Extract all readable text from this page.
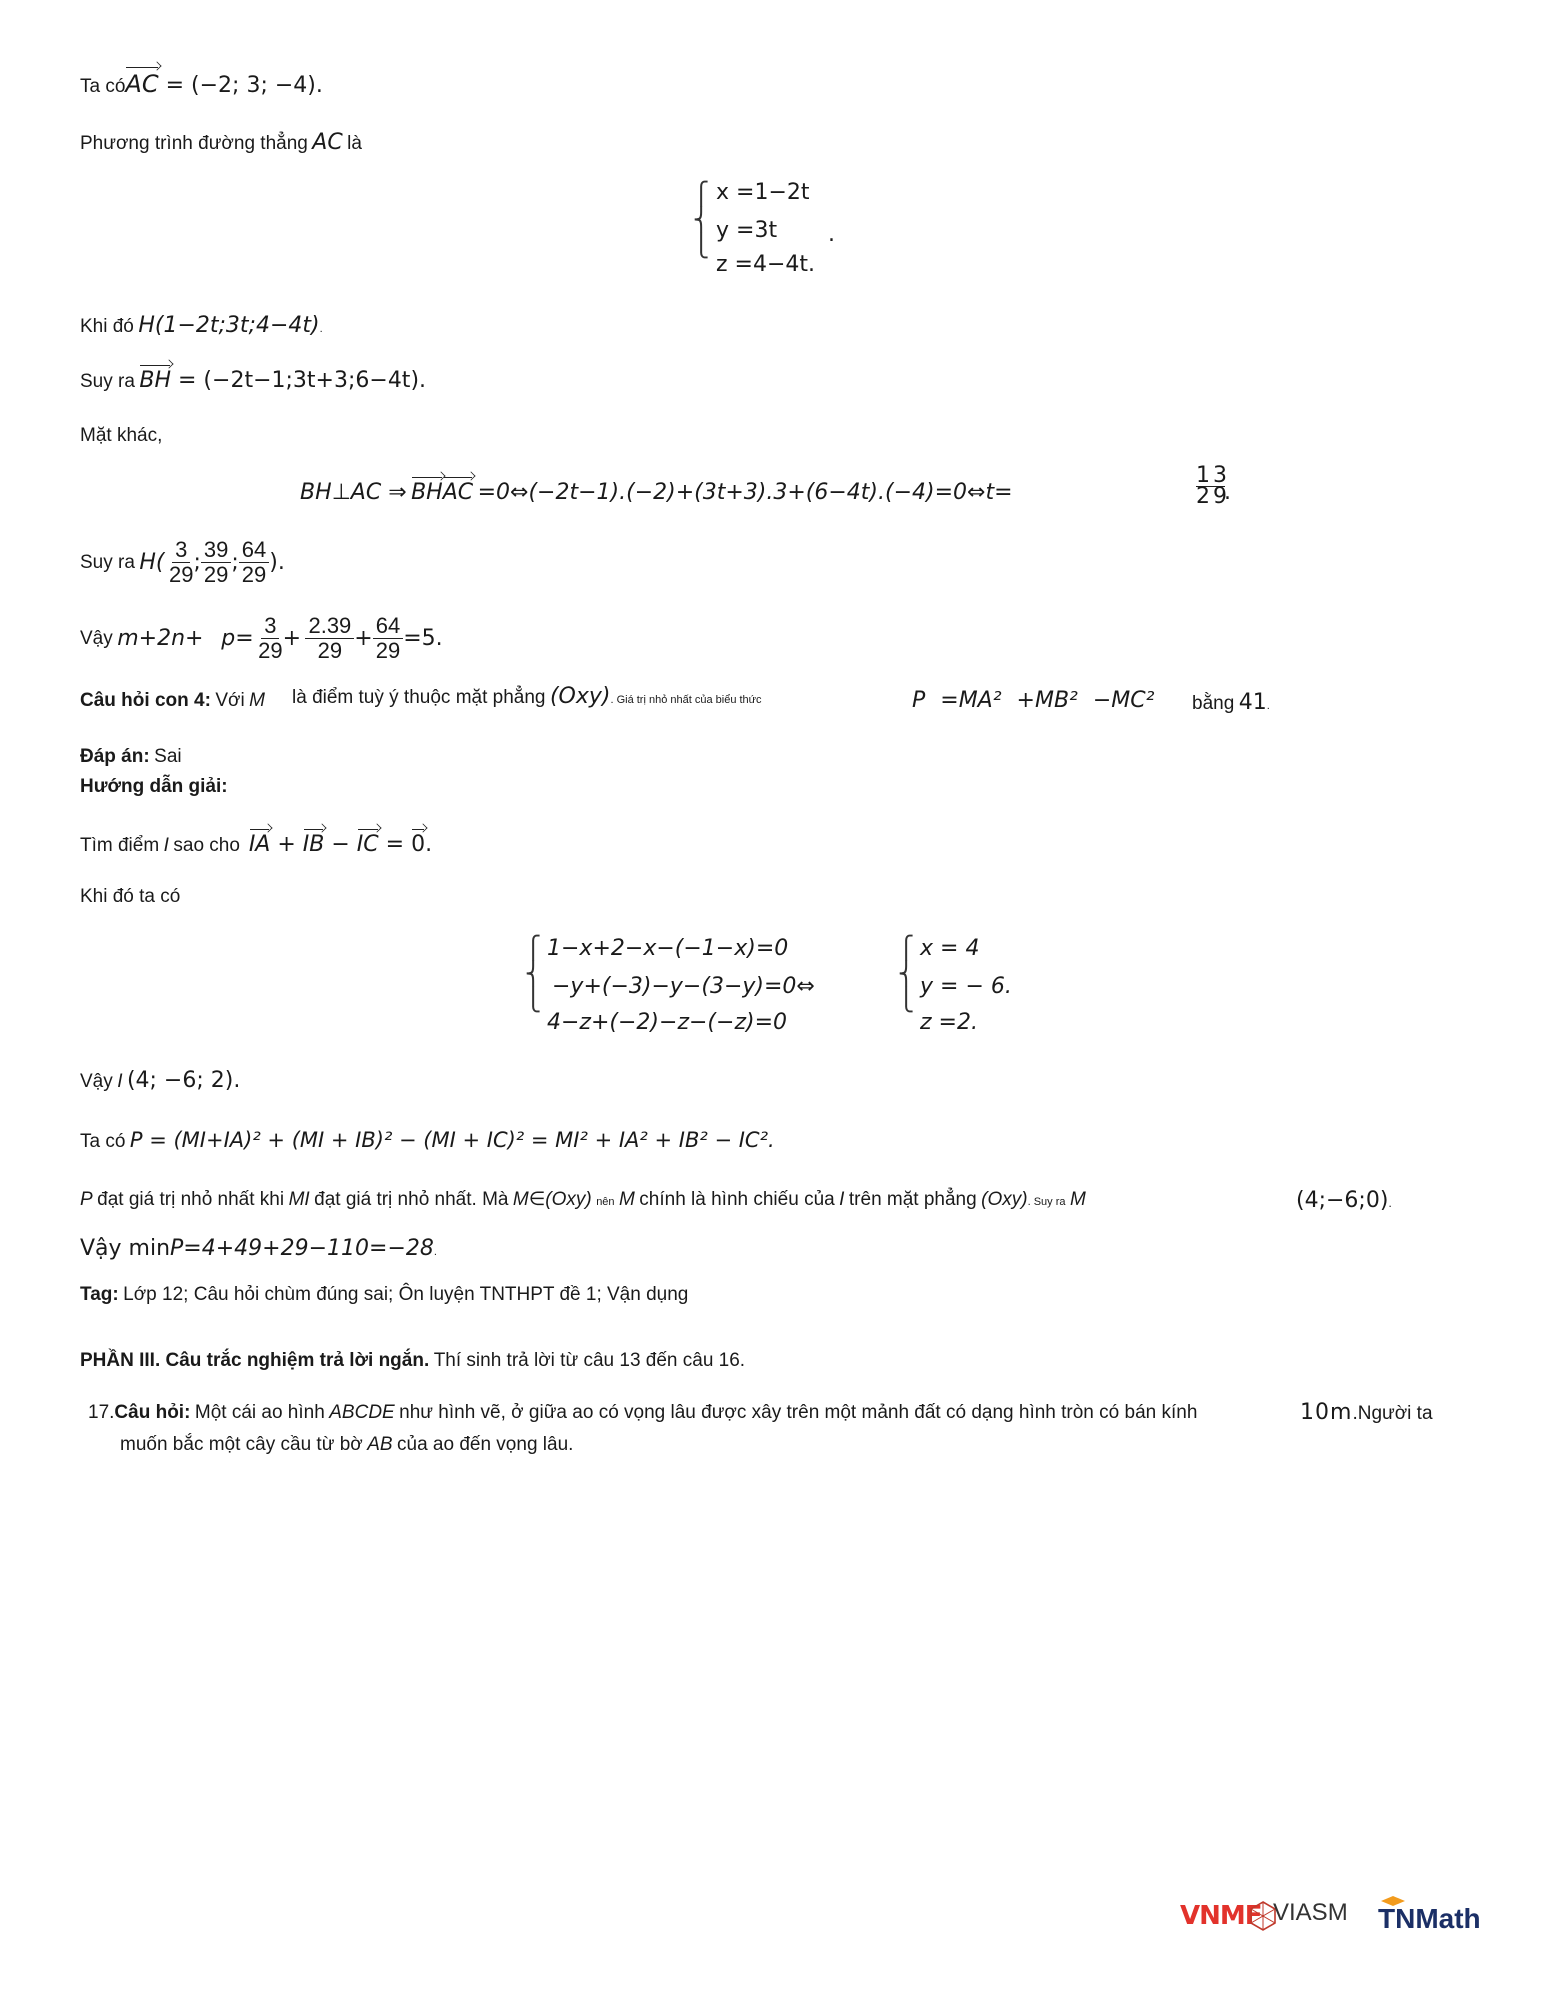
Ta cóAC = (−2; 3; −4).
Phương trình đường thẳng AC là
⎧
⎨
⎩
x =1−2t
y =3t
z =4−4t.
.
Khi đó H(1−2t;3t;4−4t).
Suy ra BH = (−2t−1;3t+3;6−4t).
Mặt khác,
BH⊥AC ⇒ BHAC =0⇔(−2t−1).(−2)+(3t+3).3+(6−4t).(−4)=0⇔t=	$\frac{1 3}{2 9}$ .
Suy ra
H(
$\frac{3}{29}$ ; $\frac{39}{29}$ ; $\frac{64}{29}$ ).
Vậy
m+2n+
p=
$\frac{3}{29}$ +
$\frac{2.39}{29} + \frac{64}{29} =5$.
Câu hỏi con 4: Với M là điểm tuỳ ý thuộc mặt phẳng (Oxy). Giá trị nhỏ nhất của biểu thức	P =MA² +MB² −MC² bằng 41.
Đáp án: Sai
Hướng dẫn giải:
Tìm điểm I sao cho IA + IB − IC = 0.
Khi đó ta có
⎧
⎨
⎩
1−x+2−x−(−1−x)=0
−y+(−3)−y−(3−y)=0⇔
4−z+(−2)−z−(−z)=0
⎧
⎨
⎩
x = 4
y = − 6.
z =2.
Vậy I (4; −6; 2).
Ta có P = (MI+IA)² + (MI + IB)² − (MI + IC)² = MI² + IA² + IB² − IC².
P đạt giá trị nhỏ nhất khi MI đạt giá trị nhỏ nhất. Mà M∈(Oxy) nên M chính là hình chiếu của I trên mặt phẳng (Oxy). Suy ra M	(4;−6;0).
Vậy minP=4+49+29−110=−28.
Tag: Lớp 12; Câu hỏi chùm đúng sai; Ôn luyện TNTHPT đề 1; Vận dụng
PHẦN III. Câu trắc nghiệm trả lời ngắn. Thí sinh trả lời từ câu 13 đến câu 16.
17.Câu hỏi: Một cái ao hình ABCDE như hình vẽ, ở giữa ao có vọng lâu được xây trên một mảnh đất có dạng hình tròn có bán kính	10m.Người ta
muốn bắc một cây cầu từ bờ AB của ao đến vọng lâu.
VNMF VIASM TNMath
